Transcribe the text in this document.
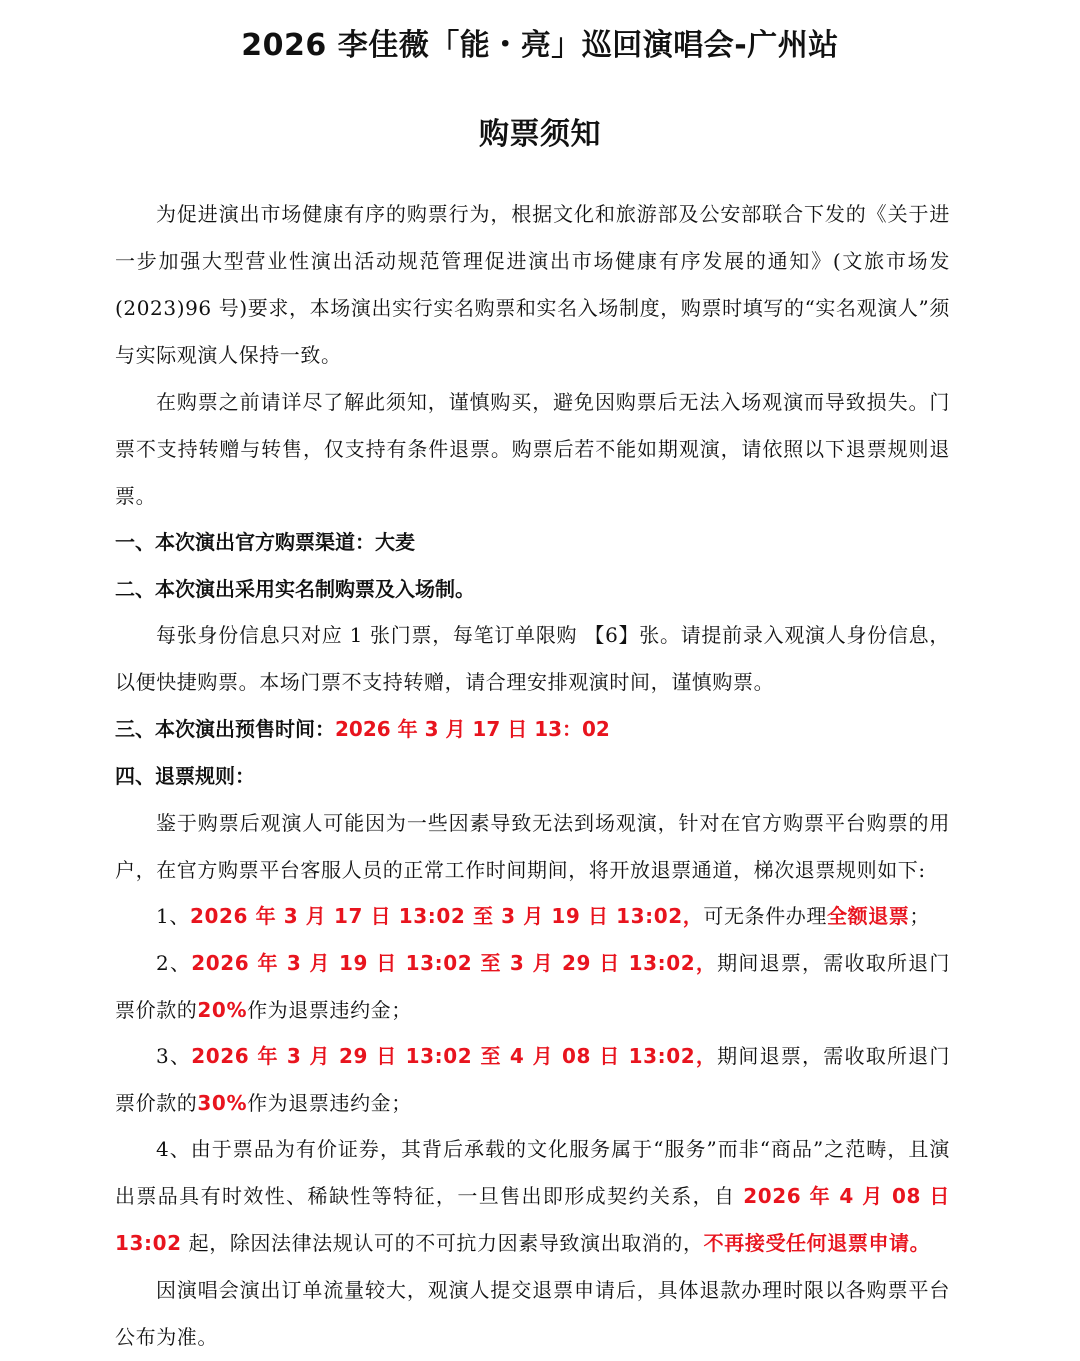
2026 李佳薇「能・亮」巡回演唱会-广州站
购票须知
为促进演出市场健康有序的购票行为，根据文化和旅游部及公安部联合下发的《关于进一步加强大型营业性演出活动规范管理促进演出市场健康有序发展的通知》(文旅市场发(2023)96 号)要求，本场演出实行实名购票和实名入场制度，购票时填写的“实名观演人”须与实际观演人保持一致。
在购票之前请详尽了解此须知，谨慎购买，避免因购票后无法入场观演而导致损失。门票不支持转赠与转售，仅支持有条件退票。购票后若不能如期观演，请依照以下退票规则退票。
一、本次演出官方购票渠道：大麦
二、本次演出采用实名制购票及入场制。
每张身份信息只对应 1 张门票，每笔订单限购 【6】张。请提前录入观演人身份信息，以便快捷购票。本场门票不支持转赠，请合理安排观演时间，谨慎购票。
三、本次演出预售时间：2026 年 3 月 17 日 13：02
四、退票规则：
鉴于购票后观演人可能因为一些因素导致无法到场观演，针对在官方购票平台购票的用户，在官方购票平台客服人员的正常工作时间期间，将开放退票通道，梯次退票规则如下:
1、2026 年 3 月 17 日 13:02 至 3 月 19 日 13:02，可无条件办理全额退票；
2、2026 年 3 月 19 日 13:02 至 3 月 29 日 13:02，期间退票，需收取所退门票价款的20%作为退票违约金；
3、2026 年 3 月 29 日 13:02 至 4 月 08 日 13:02，期间退票，需收取所退门票价款的30%作为退票违约金；
4、由于票品为有价证券，其背后承载的文化服务属于“服务”而非“商品”之范畴，且演出票品具有时效性、稀缺性等特征，一旦售出即形成契约关系，自 2026 年 4 月 08 日 13:02 起，除因法律法规认可的不可抗力因素导致演出取消的，不再接受任何退票申请。
因演唱会演出订单流量较大，观演人提交退票申请后，具体退款办理时限以各购票平台公布为准。
